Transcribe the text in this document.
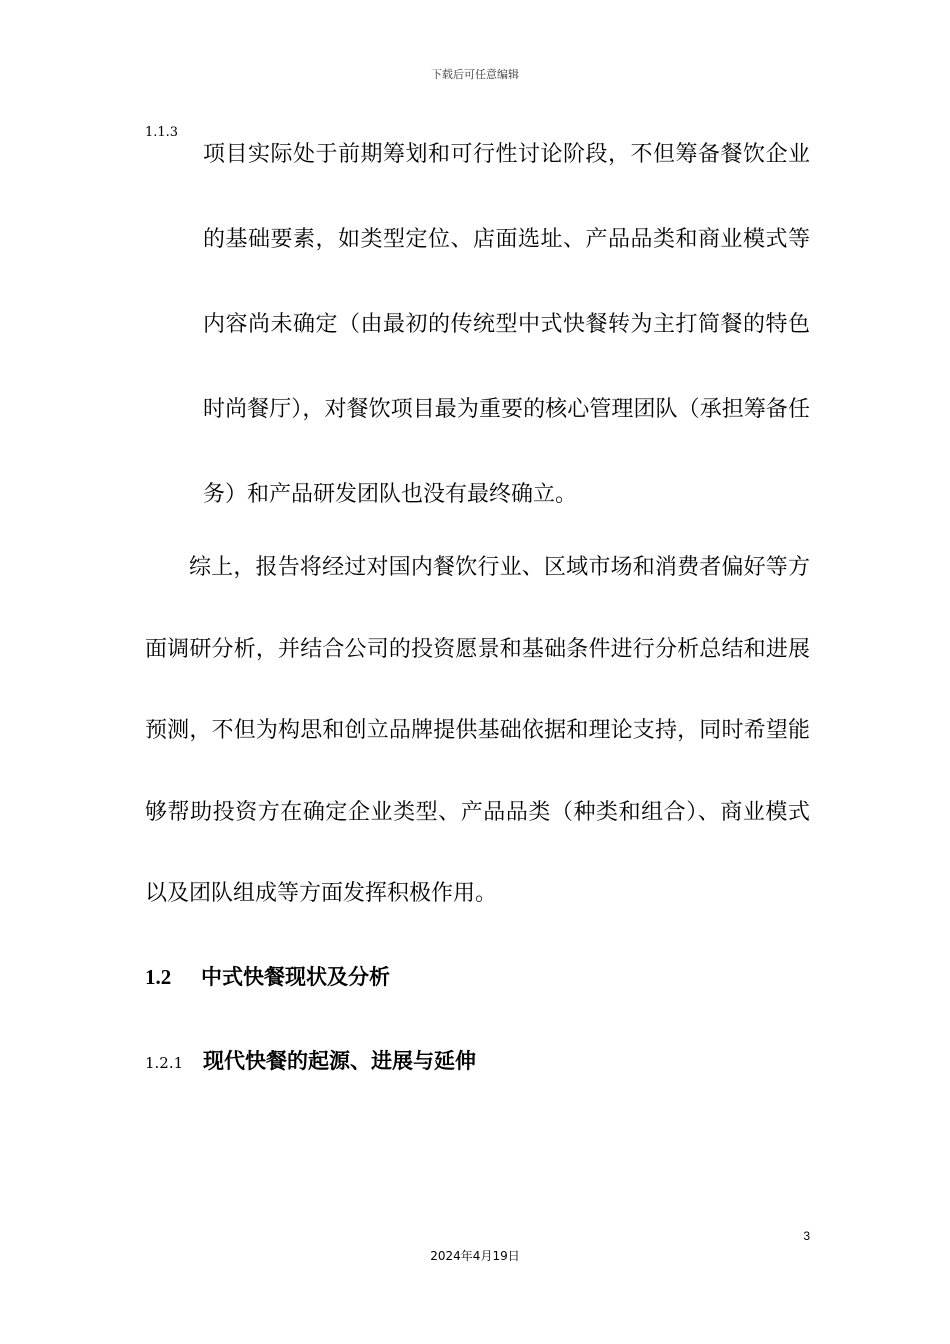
下载后可任意编辑
1.1.3
项目实际处于前期筹划和可行性讨论阶段，不但筹备餐饮企业的基础要素，如类型定位、店面选址、产品品类和商业模式等内容尚未确定（由最初的传统型中式快餐转为主打简餐的特色时尚餐厅），对餐饮项目最为重要的核心管理团队（承担筹备任务）和产品研发团队也没有最终确立。
综上，报告将经过对国内餐饮行业、区域市场和消费者偏好等方面调研分析，并结合公司的投资愿景和基础条件进行分析总结和进展预测，不但为构思和创立品牌提供基础依据和理论支持，同时希望能够帮助投资方在确定企业类型、产品品类（种类和组合）、商业模式以及团队组成等方面发挥积极作用。
1.2 中式快餐现状及分析
1.2.1 现代快餐的起源、进展与延伸
3
2024年4月19日
